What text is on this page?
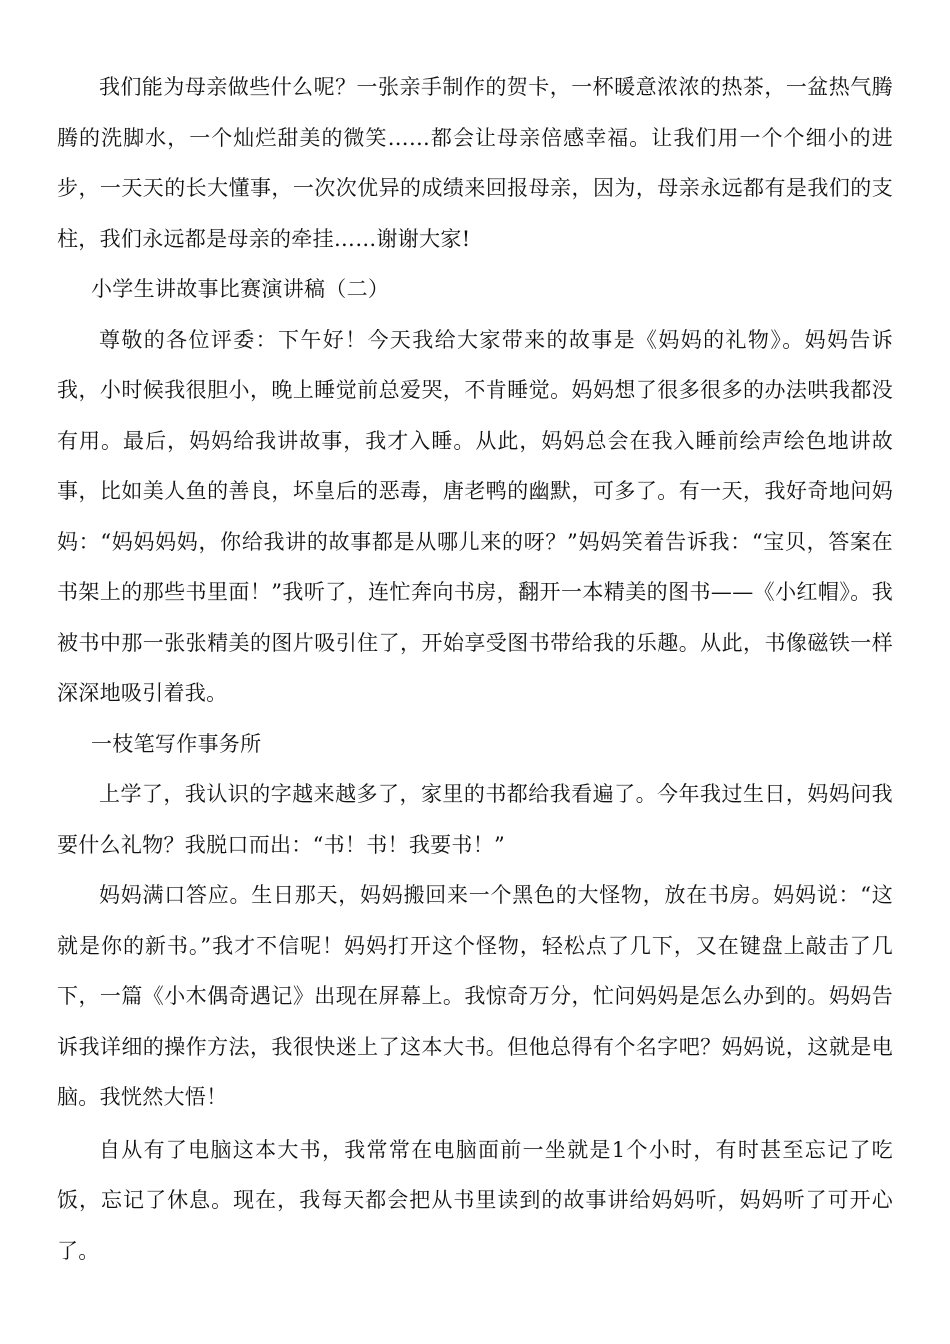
我们能为母亲做些什么呢？一张亲手制作的贺卡，一杯暖意浓浓的热茶，一盆热气腾腾的洗脚水，一个灿烂甜美的微笑……都会让母亲倍感幸福。让我们用一个个细小的进步，一天天的长大懂事，一次次优异的成绩来回报母亲，因为，母亲永远都有是我们的支柱，我们永远都是母亲的牵挂……谢谢大家!

小学生讲故事比赛演讲稿（二）

尊敬的各位评委：下午好！今天我给大家带来的故事是《妈妈的礼物》。妈妈告诉我，小时候我很胆小，晚上睡觉前总爱哭，不肯睡觉。妈妈想了很多很多的办法哄我都没有用。最后，妈妈给我讲故事，我才入睡。从此，妈妈总会在我入睡前绘声绘色地讲故事，比如美人鱼的善良，坏皇后的恶毒，唐老鸭的幽默，可多了。有一天，我好奇地问妈妈：“妈妈妈妈，你给我讲的故事都是从哪儿来的呀？”妈妈笑着告诉我：“宝贝，答案在书架上的那些书里面！”我听了，连忙奔向书房，翻开一本精美的图书——《小红帽》。我被书中那一张张精美的图片吸引住了，开始享受图书带给我的乐趣。从此，书像磁铁一样深深地吸引着我。

一枝笔写作事务所

上学了，我认识的字越来越多了，家里的书都给我看遍了。今年我过生日，妈妈问我要什么礼物？我脱口而出：“书！书！我要书！”

妈妈满口答应。生日那天，妈妈搬回来一个黑色的大怪物，放在书房。妈妈说：“这就是你的新书。”我才不信呢！妈妈打开这个怪物，轻松点了几下，又在键盘上敲击了几下，一篇《小木偶奇遇记》出现在屏幕上。我惊奇万分，忙问妈妈是怎么办到的。妈妈告诉我详细的操作方法，我很快迷上了这本大书。但他总得有个名字吧？妈妈说，这就是电脑。我恍然大悟！

自从有了电脑这本大书，我常常在电脑面前一坐就是1个小时，有时甚至忘记了吃饭，忘记了休息。现在，我每天都会把从书里读到的故事讲给妈妈听，妈妈听了可开心了。
